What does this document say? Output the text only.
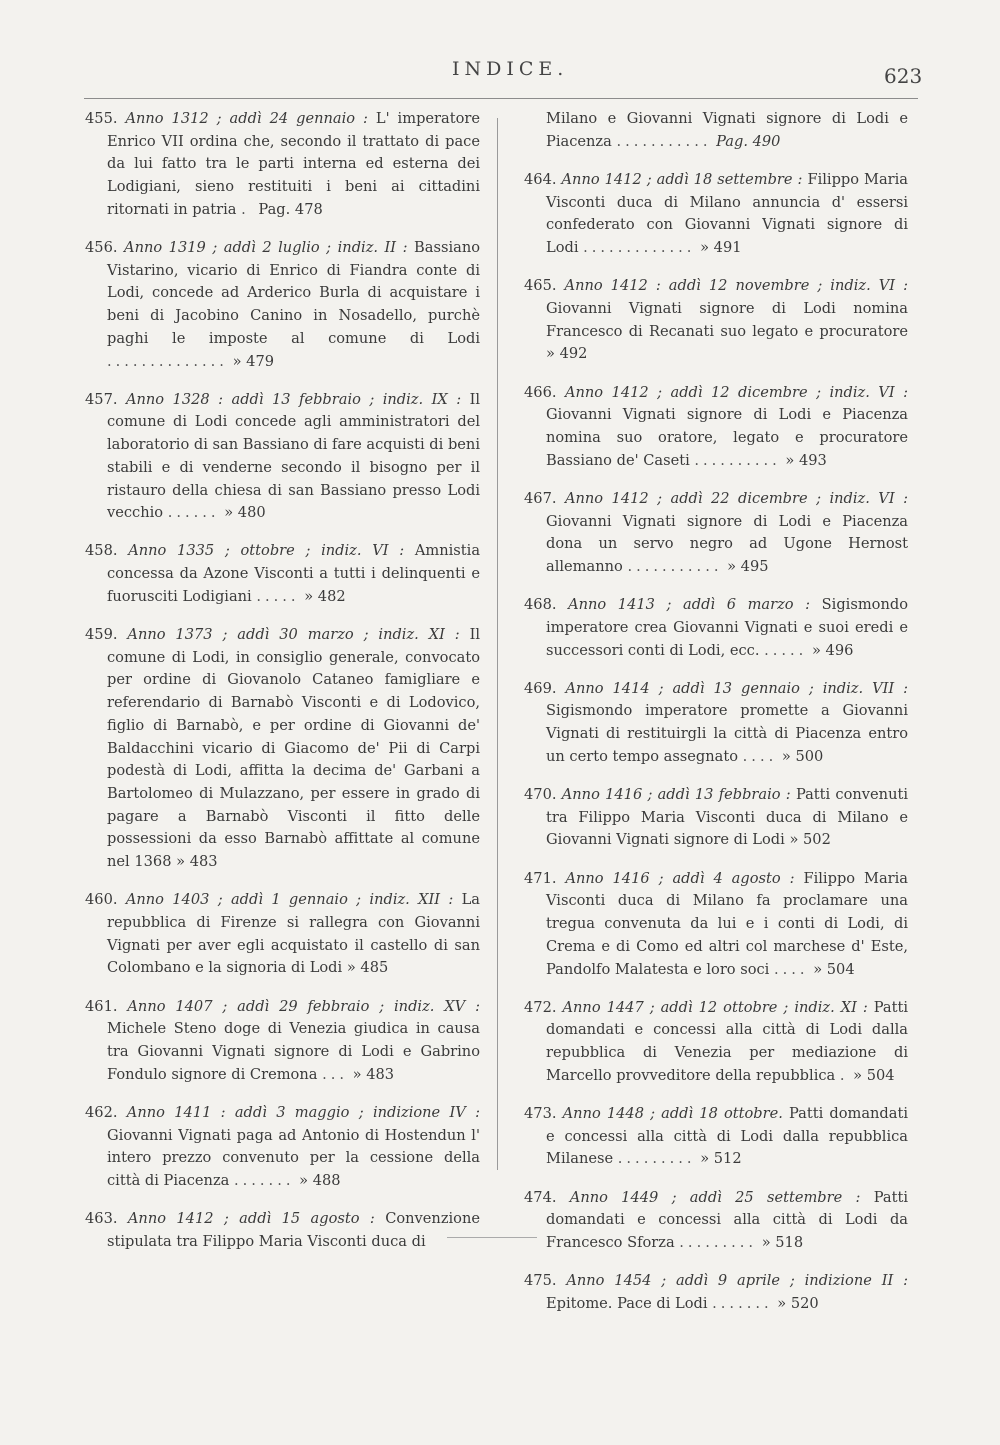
INDICE.	623
455. Anno 1312 ; addì 24 gennaio : L' imperatore Enrico VII ordina che, secondo il trattato di pace da lui fatto tra le parti interna ed esterna dei Lodigiani, sieno restituiti i beni ai cittadini ritornati in patria . Pag. 478
456. Anno 1319 ; addì 2 luglio ; indiz. II : Bassiano Vistarino, vicario di Enrico di Fiandra conte di Lodi, concede ad Arderico Burla di acquistare i beni di Jacobino Canino in Nosadello, purchè paghi le imposte al comune di Lodi .............. » 479
457. Anno 1328 : addì 13 febbraio ; indiz. IX : Il comune di Lodi concede agli amministratori del laboratorio di san Bassiano di fare acquisti di beni stabili e di venderne secondo il bisogno per il ristauro della chiesa di san Bassiano presso Lodi vecchio ...... » 480
458. Anno 1335 ; ottobre ; indiz. VI : Amnistia concessa da Azone Visconti a tutti i delinquenti e fuorusciti Lodigiani ..... » 482
459. Anno 1373 ; addì 30 marzo ; indiz. XI : Il comune di Lodi, in consiglio generale, convocato per ordine di Giovanolo Cataneo famigliare e referendario di Barnabò Visconti e di Lodovico, figlio di Barnabò, e per ordine di Giovanni de' Baldacchini vicario di Giacomo de' Pii di Carpi podestà di Lodi, affitta la decima de' Garbani a Bartolomeo di Mulazzano, per essere in grado di pagare a Barnabò Visconti il fitto delle possessioni da esso Barnabò affittate al comune nel 1368 » 483
460. Anno 1403 ; addì 1 gennaio ; indiz. XII : La repubblica di Firenze si rallegra con Giovanni Vignati per aver egli acquistato il castello di san Colombano e la signoria di Lodi » 485
461. Anno 1407 ; addì 29 febbraio ; indiz. XV : Michele Steno doge di Venezia giudica in causa tra Giovanni Vignati signore di Lodi e Gabrino Fondulo signore di Cremona ... » 483
462. Anno 1411 : addì 3 maggio ; indizione IV : Giovanni Vignati paga ad Antonio di Hostendun l' intero prezzo convenuto per la cessione della città di Piacenza ....... » 488
463. Anno 1412 ; addì 15 agosto : Convenzione stipulata tra Filippo Maria Visconti duca di
Milano e Giovanni Vignati signore di Lodi e Piacenza ........... Pag. 490
464. Anno 1412 ; addì 18 settembre : Filippo Maria Visconti duca di Milano annuncia d' essersi confederato con Giovanni Vignati signore di Lodi ............. » 491
465. Anno 1412 : addì 12 novembre ; indiz. VI : Giovanni Vignati signore di Lodi nomina Francesco di Recanati suo legato e procuratore » 492
466. Anno 1412 ; addì 12 dicembre ; indiz. VI : Giovanni Vignati signore di Lodi e Piacenza nomina suo oratore, legato e procuratore Bassiano de' Caseti .......... » 493
467. Anno 1412 ; addì 22 dicembre ; indiz. VI : Giovanni Vignati signore di Lodi e Piacenza dona un servo negro ad Ugone Hernost allemanno ........... » 495
468. Anno 1413 ; addì 6 marzo : Sigismondo imperatore crea Giovanni Vignati e suoi eredi e successori conti di Lodi, ecc. ..... » 496
469. Anno 1414 ; addì 13 gennaio ; indiz. VII : Sigismondo imperatore promette a Giovanni Vignati di restituirgli la città di Piacenza entro un certo tempo assegnato .... » 500
470. Anno 1416 ; addì 13 febbraio : Patti convenuti tra Filippo Maria Visconti duca di Milano e Giovanni Vignati signore di Lodi » 502
471. Anno 1416 ; addì 4 agosto : Filippo Maria Visconti duca di Milano fa proclamare una tregua convenuta da lui e i conti di Lodi, di Crema e di Como ed altri col marchese d' Este, Pandolfo Malatesta e loro soci .... » 504
472. Anno 1447 ; addì 12 ottobre ; indiz. XI : Patti domandati e concessi alla città di Lodi dalla repubblica di Venezia per mediazione di Marcello provveditore della repubblica . » 504
473. Anno 1448 ; addì 18 ottobre. Patti domandati e concessi alla città di Lodi dalla repubblica Milanese ......... » 512
474. Anno 1449 ; addì 25 settembre : Patti domandati e concessi alla città di Lodi da Francesco Sforza ......... » 518
475. Anno 1454 ; addì 9 aprile ; indizione II : Epitome. Pace di Lodi ....... » 520
